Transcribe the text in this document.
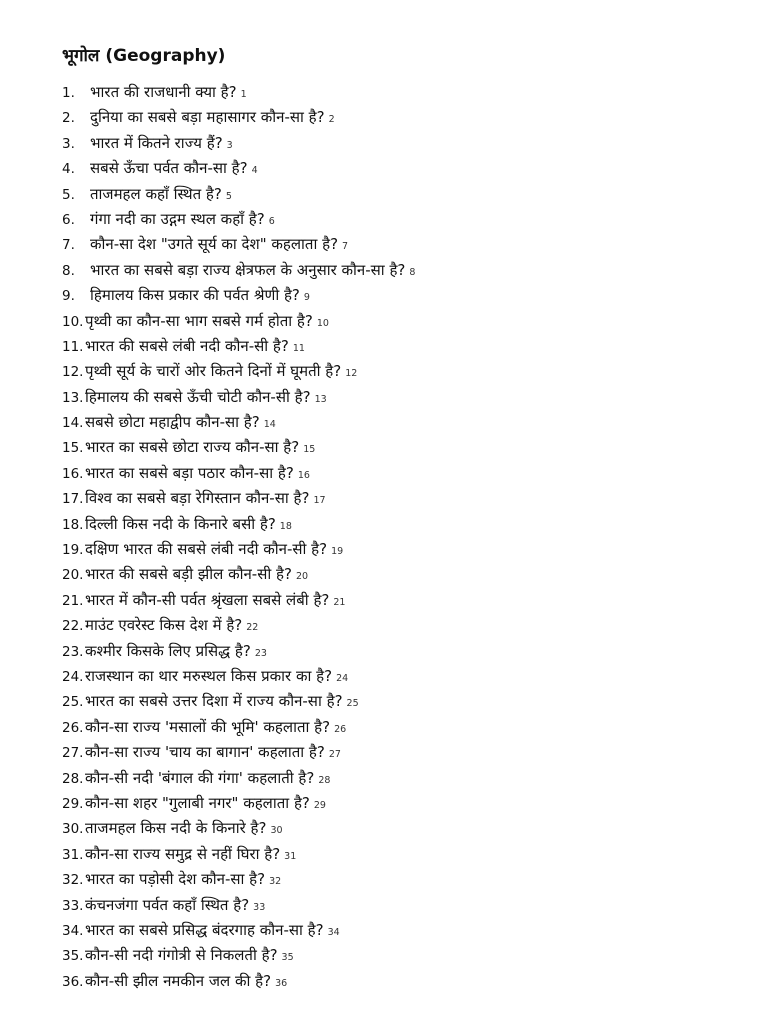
भूगोल (Geography)
1.	भारत की राजधानी क्या है? 1
2.	दुनिया का सबसे बड़ा महासागर कौन-सा है? 2
3.	भारत में कितने राज्य हैं? 3
4.	सबसे ऊँचा पर्वत कौन-सा है? 4
5.	ताजमहल कहाँ स्थित है? 5
6.	गंगा नदी का उद्गम स्थल कहाँ है? 6
7.	कौन-सा देश "उगते सूर्य का देश" कहलाता है? 7
8.	भारत का सबसे बड़ा राज्य क्षेत्रफल के अनुसार कौन-सा है? 8
9.	हिमालय किस प्रकार की पर्वत श्रेणी है? 9
10. पृथ्वी का कौन-सा भाग सबसे गर्म होता है? 10
11. भारत की सबसे लंबी नदी कौन-सी है? 11
12. पृथ्वी सूर्य के चारों ओर कितने दिनों में घूमती है? 12
13. हिमालय की सबसे ऊँची चोटी कौन-सी है? 13
14. सबसे छोटा महाद्वीप कौन-सा है? 14
15. भारत का सबसे छोटा राज्य कौन-सा है? 15
16. भारत का सबसे बड़ा पठार कौन-सा है? 16
17. विश्व का सबसे बड़ा रेगिस्तान कौन-सा है? 17
18. दिल्ली किस नदी के किनारे बसी है? 18
19. दक्षिण भारत की सबसे लंबी नदी कौन-सी है? 19
20. भारत की सबसे बड़ी झील कौन-सी है? 20
21. भारत में कौन-सी पर्वत श्रृंखला सबसे लंबी है? 21
22. माउंट एवरेस्ट किस देश में है? 22
23. कश्मीर किसके लिए प्रसिद्ध है? 23
24. राजस्थान का थार मरुस्थल किस प्रकार का है? 24
25. भारत का सबसे उत्तर दिशा में राज्य कौन-सा है? 25
26. कौन-सा राज्य 'मसालों की भूमि' कहलाता है? 26
27. कौन-सा राज्य 'चाय का बागान' कहलाता है? 27
28. कौन-सी नदी 'बंगाल की गंगा' कहलाती है? 28
29. कौन-सा शहर "गुलाबी नगर" कहलाता है? 29
30. ताजमहल किस नदी के किनारे है? 30
31. कौन-सा राज्य समुद्र से नहीं घिरा है? 31
32. भारत का पड़ोसी देश कौन-सा है? 32
33. कंचनजंगा पर्वत कहाँ स्थित है? 33
34. भारत का सबसे प्रसिद्ध बंदरगाह कौन-सा है? 34
35. कौन-सी नदी गंगोत्री से निकलती है? 35
36. कौन-सी झील नमकीन जल की है? 36
